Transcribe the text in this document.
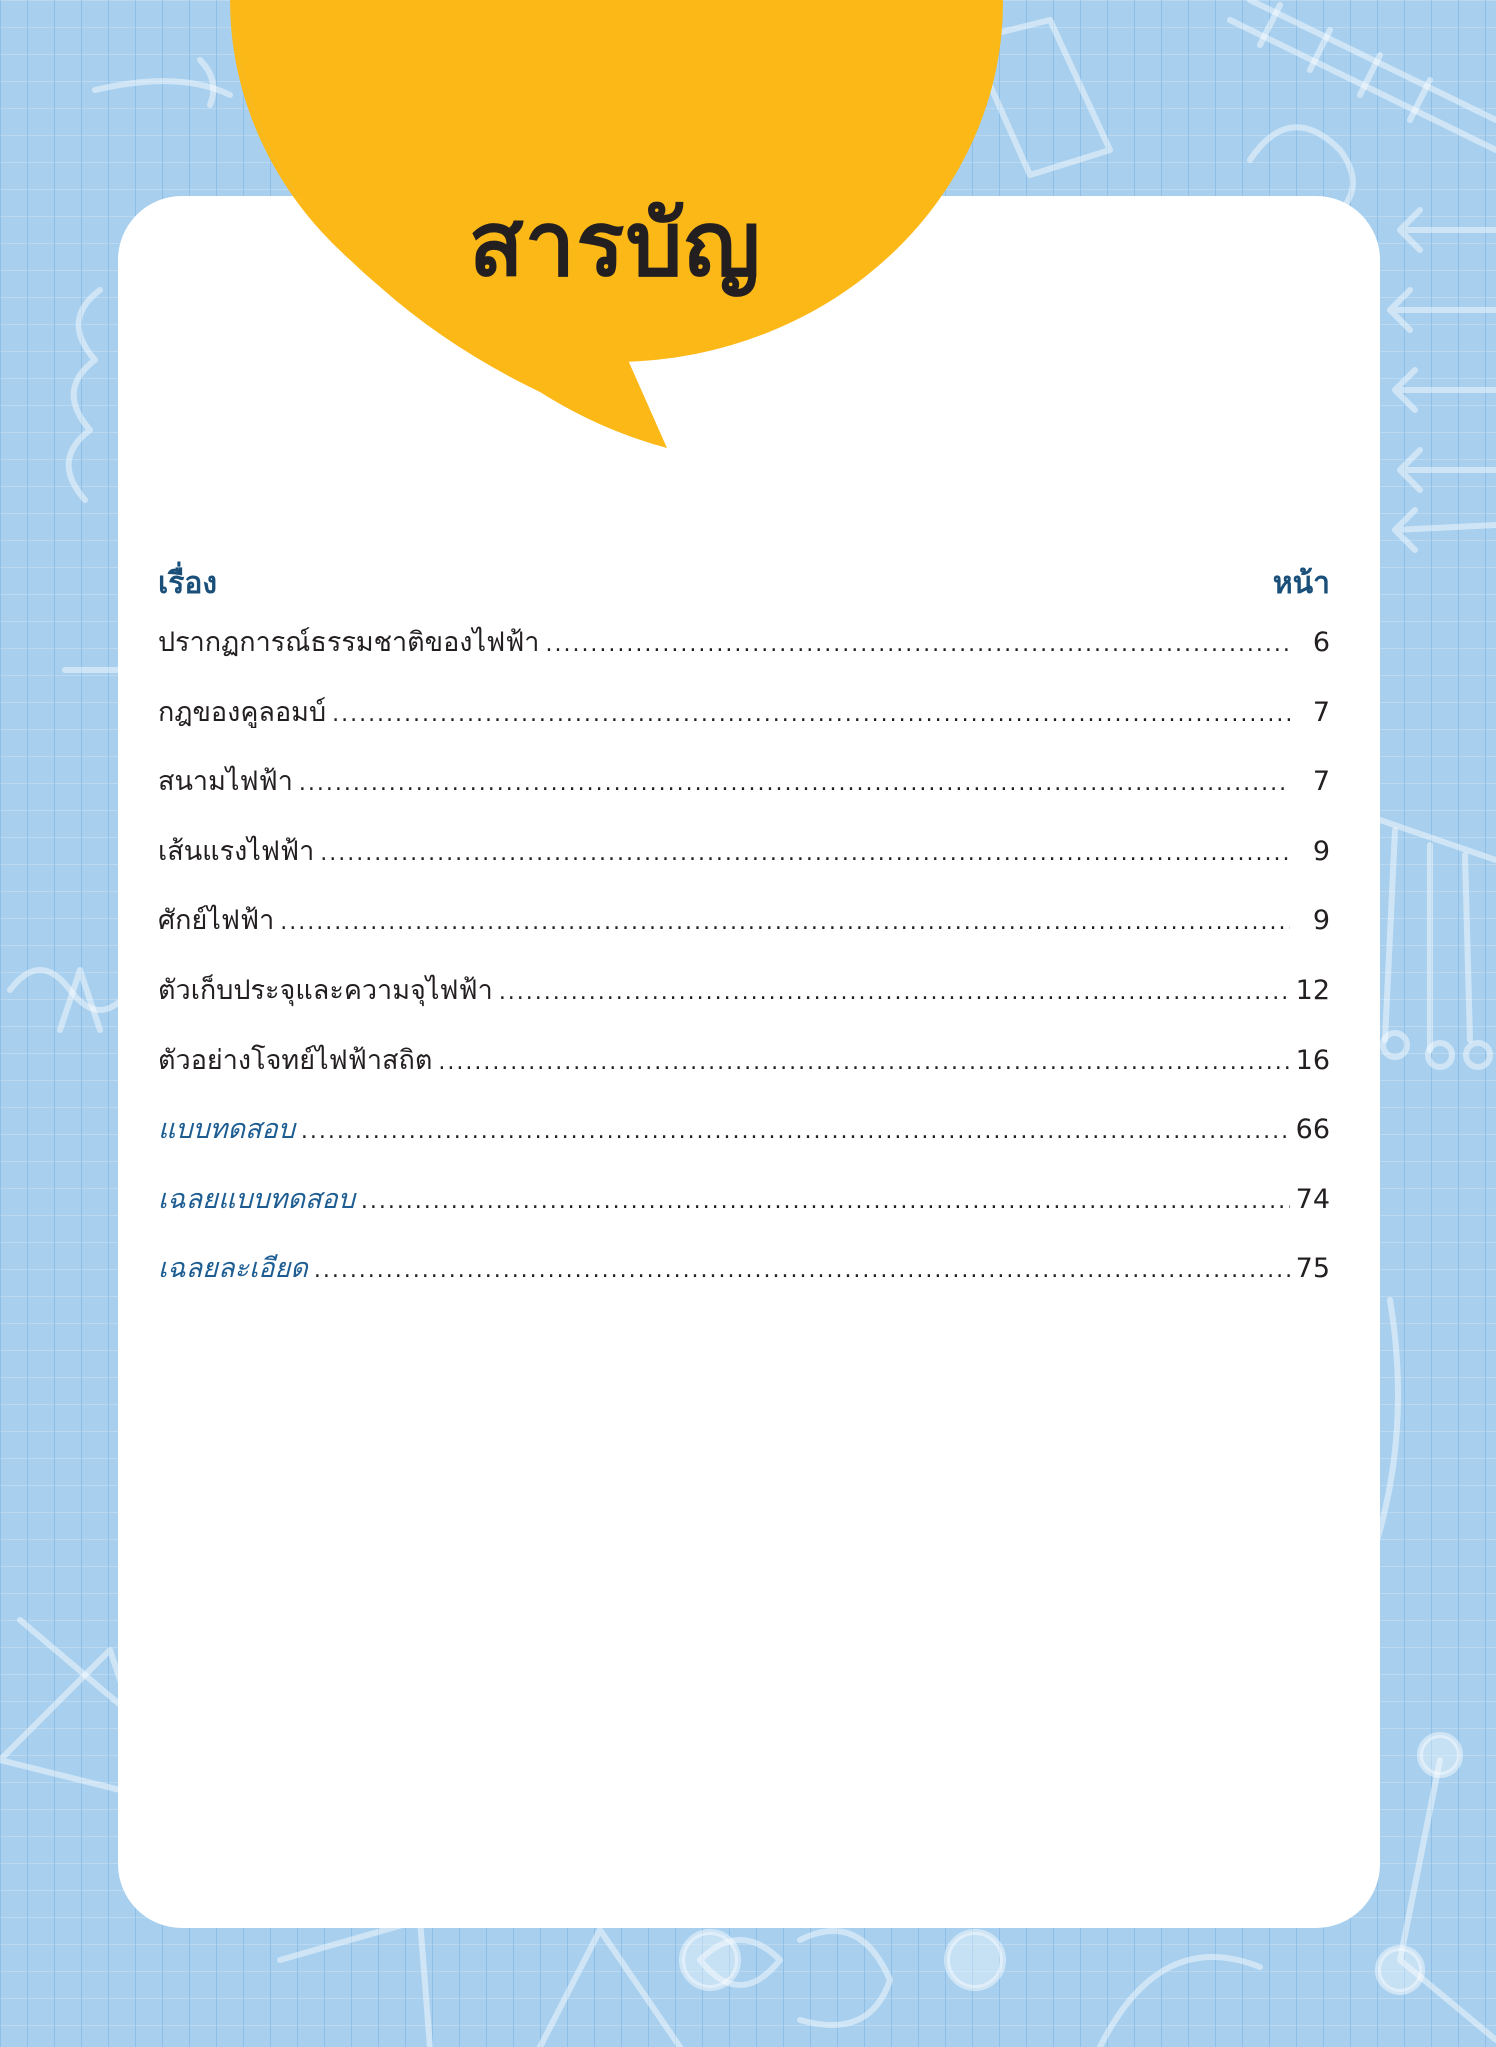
สารบัญ
เรื่อง	หน้า
ปรากฏการณ์ธรรมชาติของไฟฟ้า .....	6
กฎของคูลอมบ์ .....	7
สนามไฟฟ้า .....	7
เส้นแรงไฟฟ้า .....	9
ศักย์ไฟฟ้า .....	9
ตัวเก็บประจุและความจุไฟฟ้า .....	12
ตัวอย่างโจทย์ไฟฟ้าสถิต .....	16
แบบทดสอบ .....	66
เฉลยแบบทดสอบ .....	74
เฉลยละเอียด .....	75
